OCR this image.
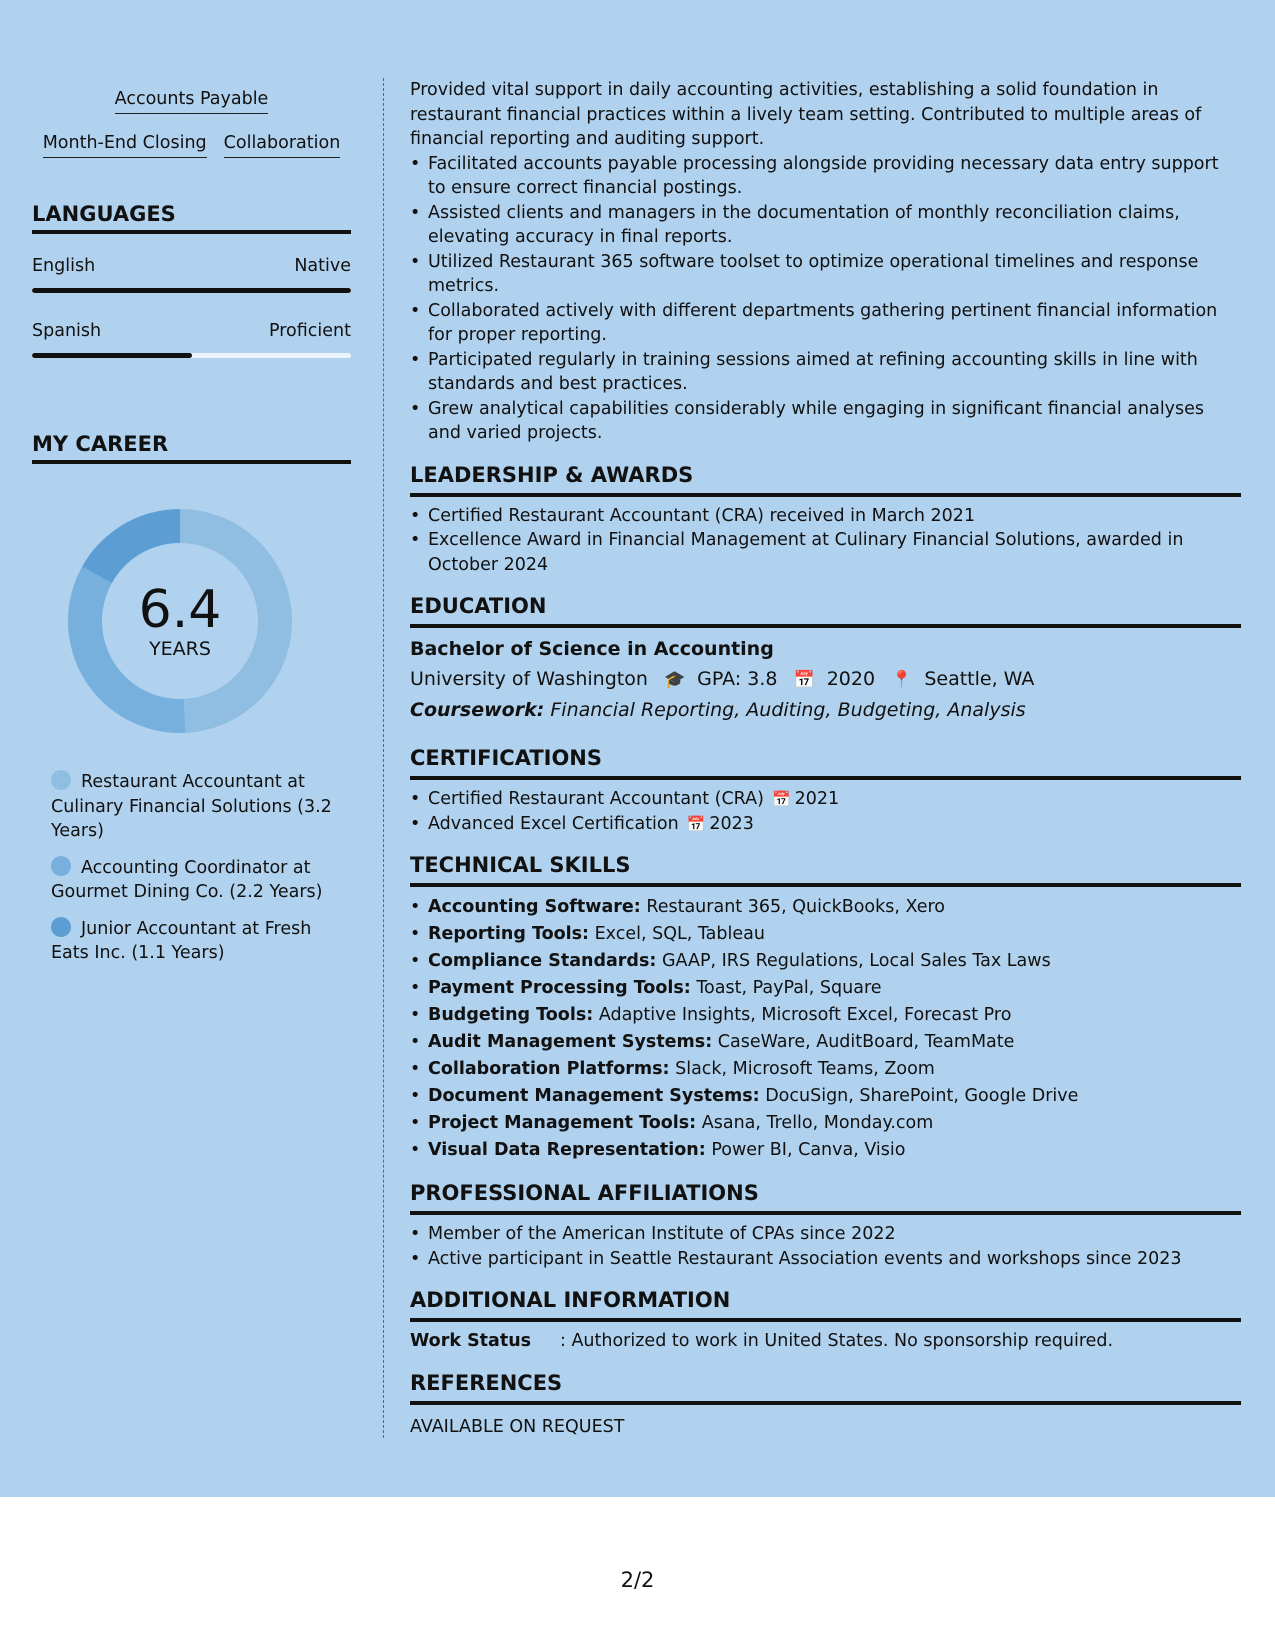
Accounts Payable
Month-End Closing Collaboration
LANGUAGES
English	Native
Spanish	Proficient
MY CAREER
6.4
YEARS
Restaurant Accountant at Culinary Financial Solutions (3.2 Years)
Accounting Coordinator at Gourmet Dining Co. (2.2 Years)
Junior Accountant at Fresh Eats Inc. (1.1 Years)

Provided vital support in daily accounting activities, establishing a solid foundation in restaurant financial practices within a lively team setting. Contributed to multiple areas of financial reporting and auditing support.

• Facilitated accounts payable processing alongside providing necessary data entry support to ensure correct financial postings.
• Assisted clients and managers in the documentation of monthly reconciliation claims, elevating accuracy in final reports.
• Utilized Restaurant 365 software toolset to optimize operational timelines and response metrics.
• Collaborated actively with different departments gathering pertinent financial information for proper reporting.
• Participated regularly in training sessions aimed at refining accounting skills in line with standards and best practices.
• Grew analytical capabilities considerably while engaging in significant financial analyses and varied projects.
LEADERSHIP & AWARDS
• Certified Restaurant Accountant (CRA) received in March 2021
• Excellence Award in Financial Management at Culinary Financial Solutions, awarded in October 2024
EDUCATION
Bachelor of Science in Accounting
University of Washington 🎓 GPA: 3.8 📅 2020 📍 Seattle, WA
Coursework: Financial Reporting, Auditing, Budgeting, Analysis
CERTIFICATIONS
• Certified Restaurant Accountant (CRA) 📅 2021
• Advanced Excel Certification 📅 2023
TECHNICAL SKILLS
• Accounting Software: Restaurant 365, QuickBooks, Xero
• Reporting Tools: Excel, SQL, Tableau
• Compliance Standards: GAAP, IRS Regulations, Local Sales Tax Laws
• Payment Processing Tools: Toast, PayPal, Square
• Budgeting Tools: Adaptive Insights, Microsoft Excel, Forecast Pro
• Audit Management Systems: CaseWare, AuditBoard, TeamMate
• Collaboration Platforms: Slack, Microsoft Teams, Zoom
• Document Management Systems: DocuSign, SharePoint, Google Drive
• Project Management Tools: Asana, Trello, Monday.com
• Visual Data Representation: Power BI, Canva, Visio
PROFESSIONAL AFFILIATIONS
• Member of the American Institute of CPAs since 2022
• Active participant in Seattle Restaurant Association events and workshops since 2023
ADDITIONAL INFORMATION
Work Status	: Authorized to work in United States. No sponsorship required.
REFERENCES
AVAILABLE ON REQUEST
2/2
